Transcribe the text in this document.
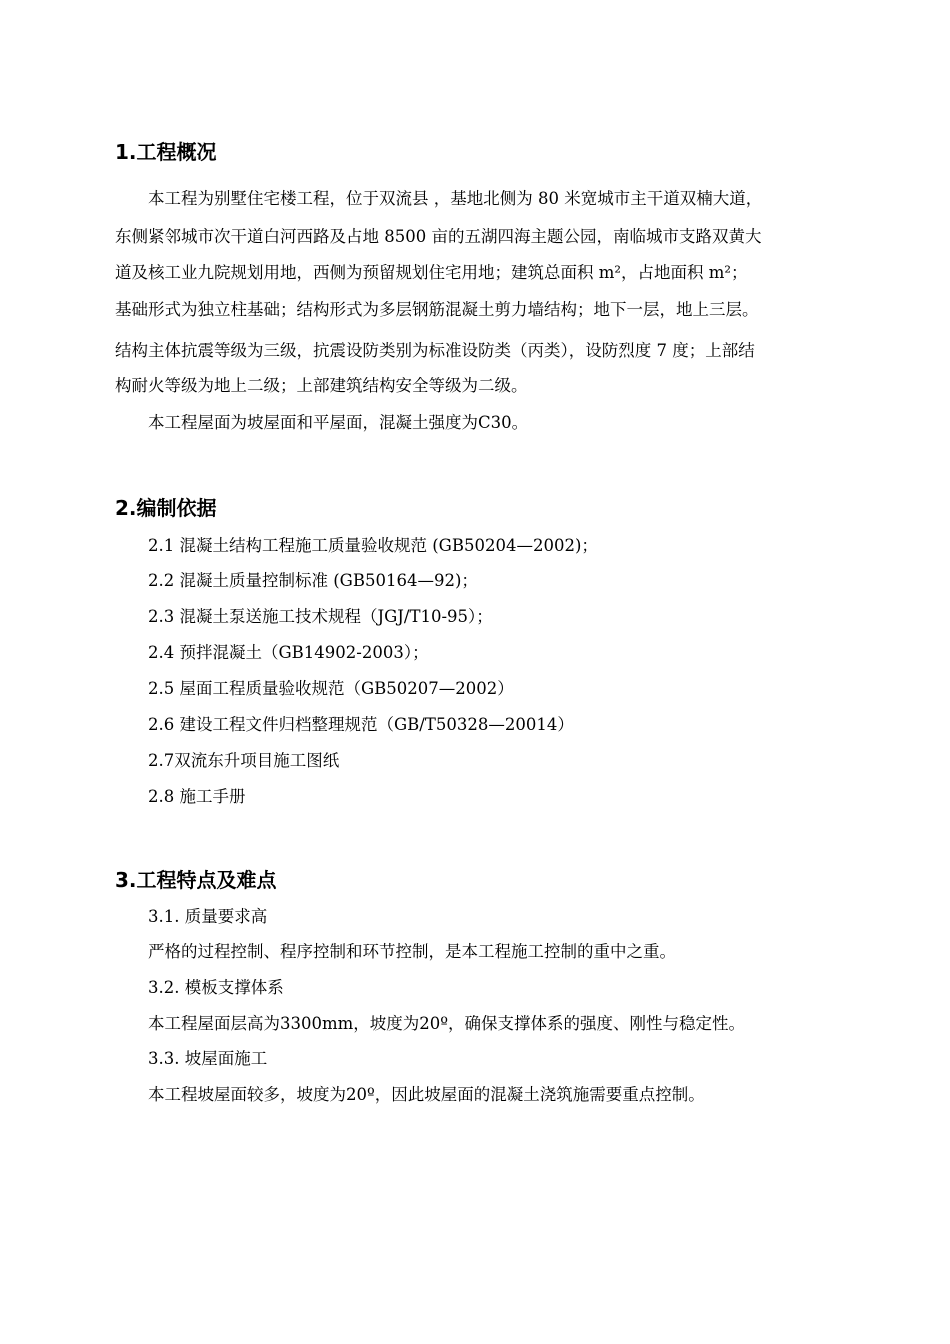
1.工程概况
本工程为别墅住宅楼工程，位于双流县 ，基地北侧为 80 米宽城市主干道双楠大道，
东侧紧邻城市次干道白河西路及占地 8500 亩的五湖四海主题公园，南临城市支路双黄大
道及核工业九院规划用地，西侧为预留规划住宅用地；建筑总面积 m²，占地面积 m²；
基础形式为独立柱基础；结构形式为多层钢筋混凝土剪力墙结构；地下一层，地上三层。
结构主体抗震等级为三级，抗震设防类别为标准设防类（丙类），设防烈度 7 度；上部结
构耐火等级为地上二级；上部建筑结构安全等级为二级。
本工程屋面为坡屋面和平屋面，混凝土强度为C30。
2.编制依据
2.1 混凝土结构工程施工质量验收规范 (GB50204—2002)；
2.2 混凝土质量控制标准 (GB50164—92)；
2.3 混凝土泵送施工技术规程（JGJ/T10-95）；
2.4 预拌混凝土（GB14902-2003）；
2.5 屋面工程质量验收规范（GB50207—2002）
2.6 建设工程文件归档整理规范（GB/T50328—20014）
2.7双流东升项目施工图纸
2.8 施工手册
3.工程特点及难点
3.1. 质量要求高
严格的过程控制、程序控制和环节控制，是本工程施工控制的重中之重。
3.2. 模板支撑体系
本工程屋面层高为3300mm，坡度为20º，确保支撑体系的强度、刚性与稳定性。
3.3. 坡屋面施工
本工程坡屋面较多，坡度为20º，因此坡屋面的混凝土浇筑施需要重点控制。
